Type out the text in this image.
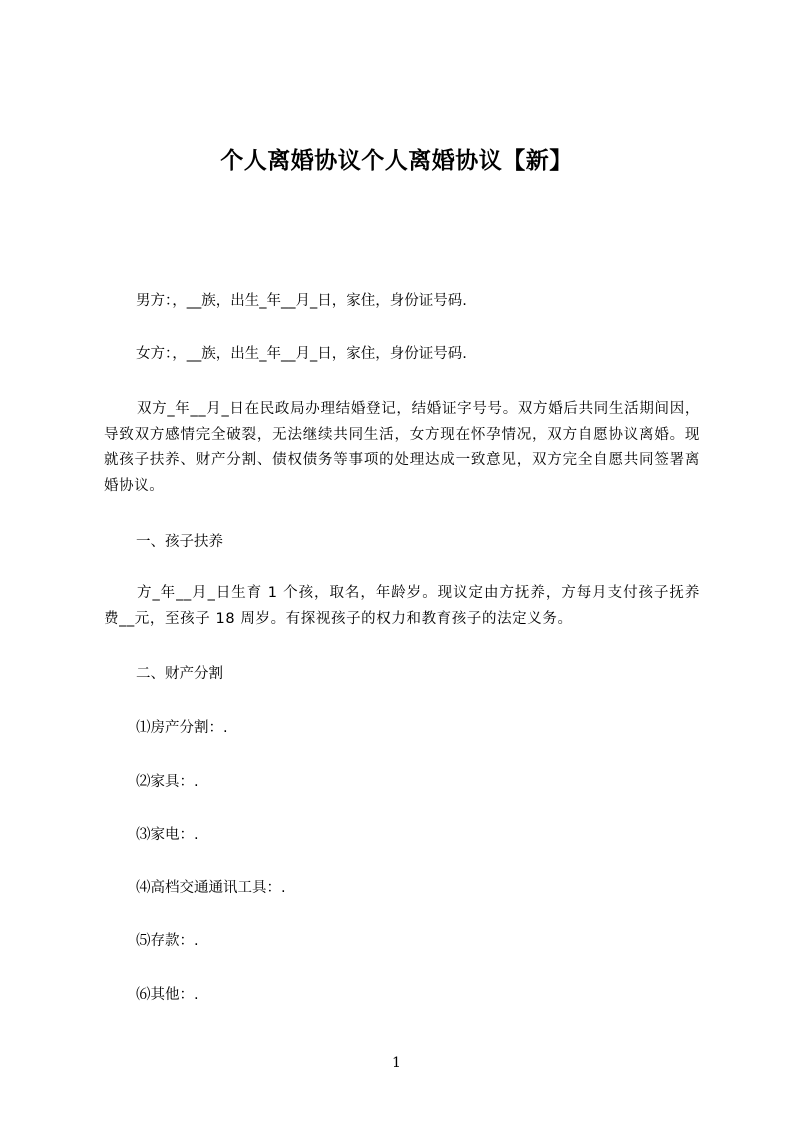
个人离婚协议个人离婚协议【新】

男方：，__族，出生_年__月_日，家住，身份证号码.

女方：，__族，出生_年__月_日，家住，身份证号码.

双方_年__月_日在民政局办理结婚登记，结婚证字号号。双方婚后共同生活期间因，导致双方感情完全破裂，无法继续共同生活，女方现在怀孕情况，双方自愿协议离婚。现就孩子扶养、财产分割、债权债务等事项的处理达成一致意见，双方完全自愿共同签署离婚协议。

一、孩子扶养

方_年__月_日生育 1 个孩，取名，年龄岁。现议定由方抚养，方每月支付孩子抚养费__元，至孩子 18 周岁。有探视孩子的权力和教育孩子的法定义务。

二、财产分割

⑴房产分割：.

⑵家具：.

⑶家电：.

⑷高档交通通讯工具：.

⑸存款：.

⑹其他：.

1
